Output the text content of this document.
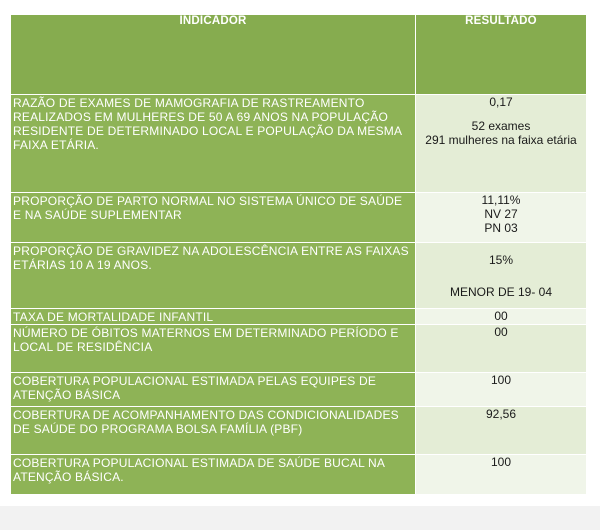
INDICADOR	RESULTADO
RAZÃO DE EXAMES DE MAMOGRAFIA DE RASTREAMENTO REALIZADOS EM MULHERES DE 50 A 69 ANOS NA POPULAÇÃO RESIDENTE DE DETERMINADO LOCAL E POPULAÇÃO DA MESMA FAIXA ETÁRIA.	0,17
52 exames
291 mulheres na faixa etária

PROPORÇÃO DE PARTO NORMAL NO SISTEMA ÚNICO DE SAÚDE E NA SAÚDE SUPLEMENTAR	11,11%
NV 27
PN 03

PROPORÇÃO DE GRAVIDEZ NA ADOLESCÊNCIA ENTRE AS FAIXAS ETÁRIAS 10 A 19 ANOS.	15%
MENOR DE 19- 04

TAXA DE MORTALIDADE INFANTIL	00

NÚMERO DE ÓBITOS MATERNOS EM DETERMINADO PERÍODO E LOCAL DE RESIDÊNCIA	00

COBERTURA POPULACIONAL ESTIMADA PELAS EQUIPES DE ATENÇÃO BÁSICA	100

COBERTURA DE ACOMPANHAMENTO DAS CONDICIONALIDADES DE SAÚDE DO PROGRAMA BOLSA FAMÍLIA (PBF)	92,56

COBERTURA POPULACIONAL ESTIMADA DE SAÚDE BUCAL NA ATENÇÃO BÁSICA.	100
